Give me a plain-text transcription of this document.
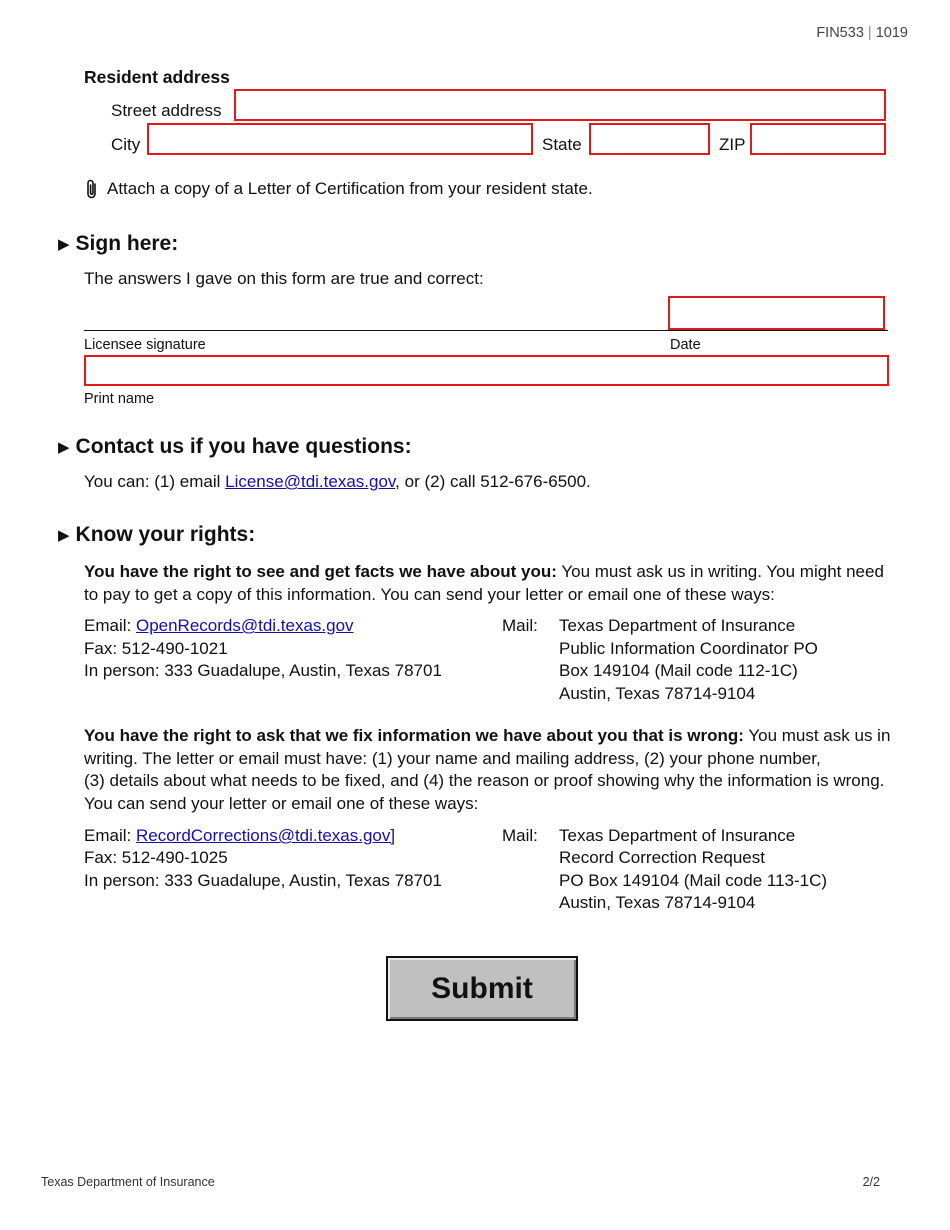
FIN533 | 1019
Resident address
Street address
City	State	ZIP
Attach a copy of a Letter of Certification from your resident state.
▶ Sign here:
The answers I gave on this form are true and correct:
Licensee signature	Date
Print name
▶ Contact us if you have questions:
You can: (1) email License@tdi.texas.gov, or (2) call 512-676-6500.
▶ Know your rights:
You have the right to see and get facts we have about you: You must ask us in writing. You might need
to pay to get a copy of this information. You can send your letter or email one of these ways:
Email: OpenRecords@tdi.texas.gov
Fax: 512-490-1021
In person: 333 Guadalupe, Austin, Texas 78701
Mail: Texas Department of Insurance
Public Information Coordinator PO
Box 149104 (Mail code 112-1C)
Austin, Texas 78714-9104
You have the right to ask that we fix information we have about you that is wrong: You must ask us in
writing. The letter or email must have: (1) your name and mailing address, (2) your phone number,
(3) details about what needs to be fixed, and (4) the reason or proof showing why the information is wrong.
You can send your letter or email one of these ways:
Email: RecordCorrections@tdi.texas.gov]
Fax: 512-490-1025
In person: 333 Guadalupe, Austin, Texas 78701
Mail: Texas Department of Insurance
Record Correction Request
PO Box 149104 (Mail code 113-1C)
Austin, Texas 78714-9104
Submit
Texas Department of Insurance	2/2
